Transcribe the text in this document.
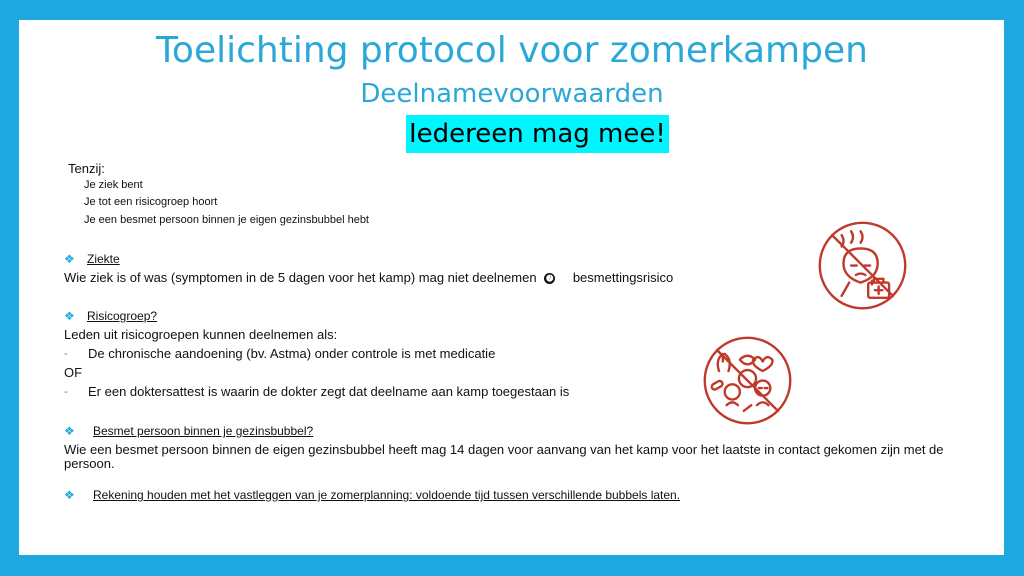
Toelichting protocol voor zomerkampen
Deelnamevoorwaarden
Iedereen mag mee!
Tenzij:
Je ziek bent
Je tot een risicogroep hoort
Je een besmet persoon binnen je eigen gezinsbubbel hebt
❖ Ziekte
Wie ziek is of was (symptomen in de 5 dagen voor het kamp) mag niet deelnemen ➐ besmettingsrisico
❖ Risicogroep?
Leden uit risicogroepen kunnen deelnemen als:
- De chronische aandoening (bv. Astma) onder controle is met medicatie
OF
- Er een doktersattest is waarin de dokter zegt dat deelname aan kamp toegestaan is
❖ Besmet persoon binnen je gezinsbubbel?
Wie een besmet persoon binnen de eigen gezinsbubbel heeft mag 14 dagen voor aanvang van het kamp voor het laatste in contact gekomen zijn met de persoon.
❖ Rekening houden met het vastleggen van je zomerplanning: voldoende tijd tussen verschillende bubbels laten.
